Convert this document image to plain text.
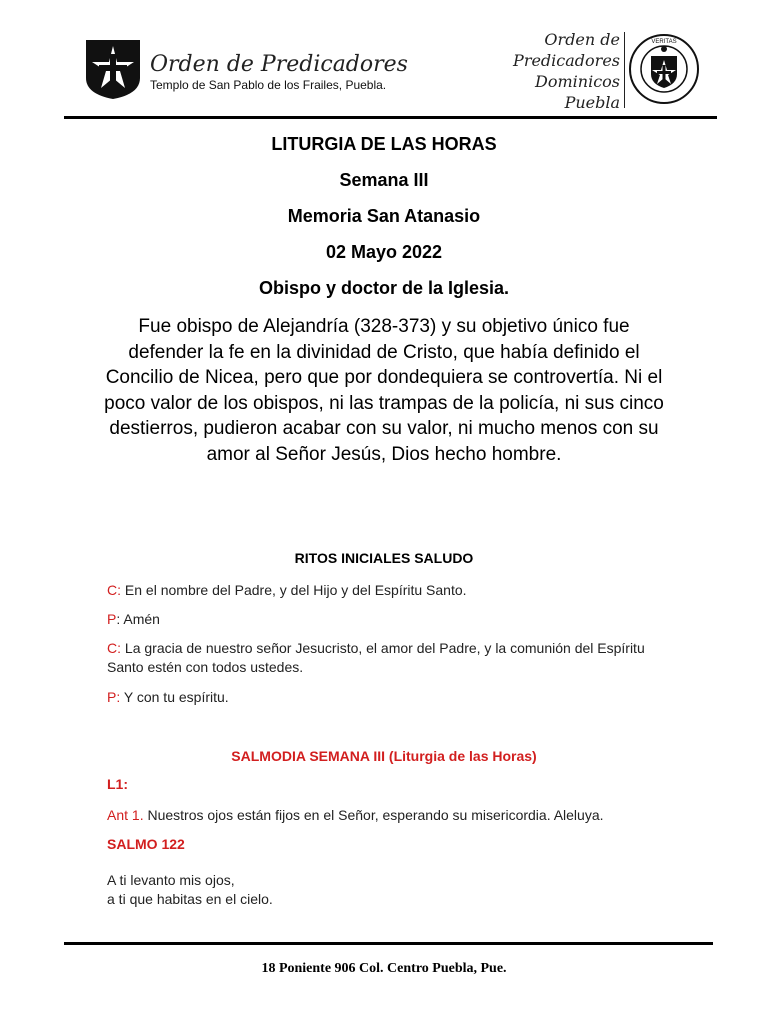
Orden de Predicadores
Templo de San Pablo de los Frailes, Puebla.
Orden de
Predicadores
Dominicos
Puebla
VERITAS
LITURGIA DE LAS HORAS
Semana III
Memoria San Atanasio
02 Mayo 2022
Obispo y doctor de la Iglesia.
Fue obispo de Alejandría (328-373) y su objetivo único fue defender la fe en la divinidad de Cristo, que había definido el Concilio de Nicea, pero que por dondequiera se controvertía. Ni el poco valor de los obispos, ni las trampas de la policía, ni sus cinco destierros, pudieron acabar con su valor, ni mucho menos con su amor al Señor Jesús, Dios hecho hombre.
RITOS INICIALES SALUDO
C: En el nombre del Padre, y del Hijo y del Espíritu Santo.
P: Amén
C: La gracia de nuestro señor Jesucristo, el amor del Padre, y la comunión del Espíritu Santo estén con todos ustedes.
P: Y con tu espíritu.
SALMODIA SEMANA III (Liturgia de las Horas)
L1:
Ant 1. Nuestros ojos están fijos en el Señor, esperando su misericordia. Aleluya.
SALMO 122
A ti levanto mis ojos,
a ti que habitas en el cielo.
18 Poniente 906 Col. Centro Puebla, Pue.
